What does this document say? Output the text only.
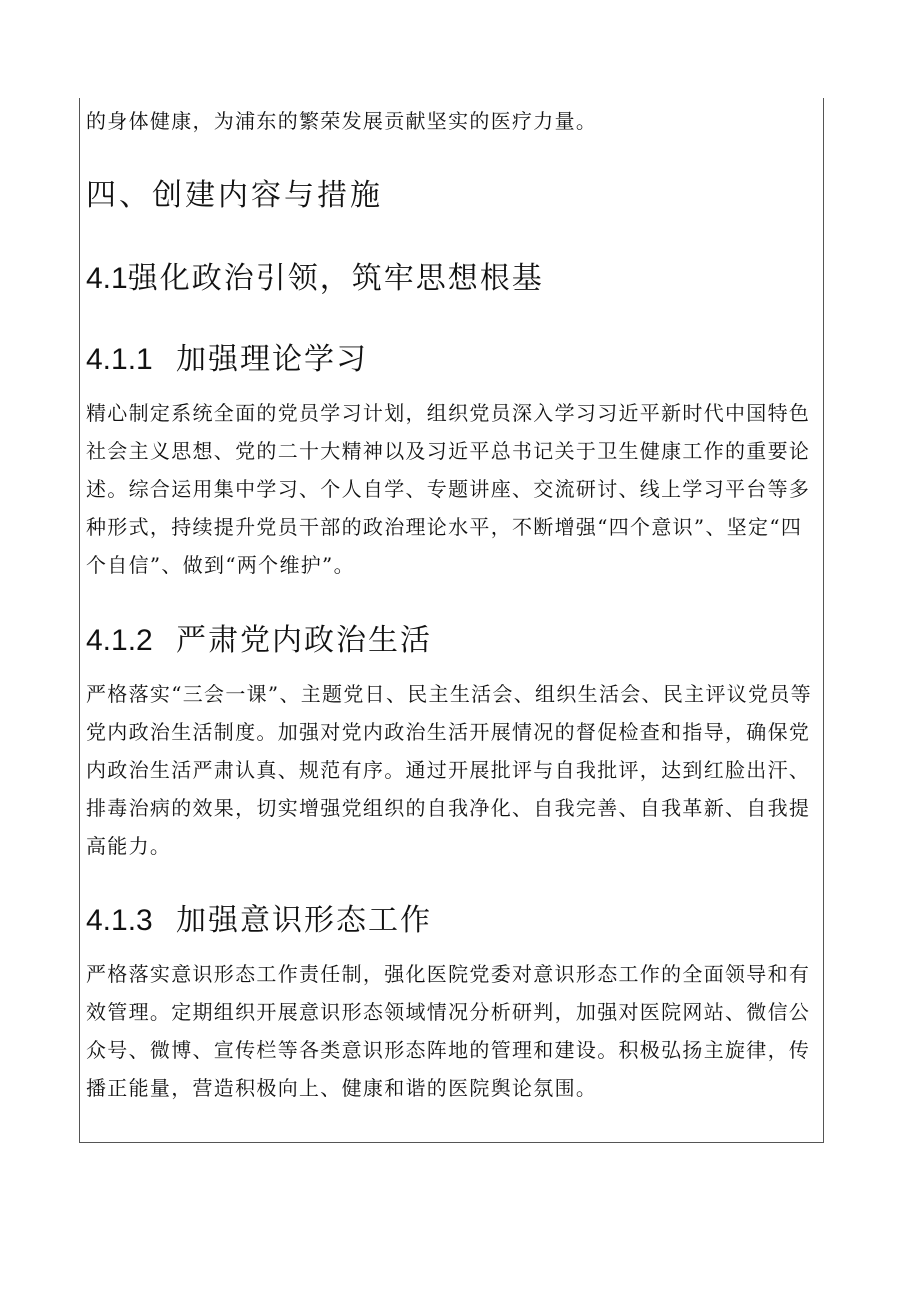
的身体健康，为浦东的繁荣发展贡献坚实的医疗力量。

四、创建内容与措施
4.1强化政治引领，筑牢思想根基
4.1.1 加强理论学习

精心制定系统全面的党员学习计划，组织党员深入学习习近平新时代中国特色社会主义思想、党的二十大精神以及习近平总书记关于卫生健康工作的重要论述。综合运用集中学习、个人自学、专题讲座、交流研讨、线上学习平台等多种形式，持续提升党员干部的政治理论水平，不断增强“四个意识”、坚定“四个自信”、做到“两个维护”。

4.1.2 严肃党内政治生活

严格落实“三会一课”、主题党日、民主生活会、组织生活会、民主评议党员等党内政治生活制度。加强对党内政治生活开展情况的督促检查和指导，确保党内政治生活严肃认真、规范有序。通过开展批评与自我批评，达到红脸出汗、排毒治病的效果，切实增强党组织的自我净化、自我完善、自我革新、自我提高能力。

4.1.3 加强意识形态工作

严格落实意识形态工作责任制，强化医院党委对意识形态工作的全面领导和有效管理。定期组织开展意识形态领域情况分析研判，加强对医院网站、微信公众号、微博、宣传栏等各类意识形态阵地的管理和建设。积极弘扬主旋律，传播正能量，营造积极向上、健康和谐的医院舆论氛围。
